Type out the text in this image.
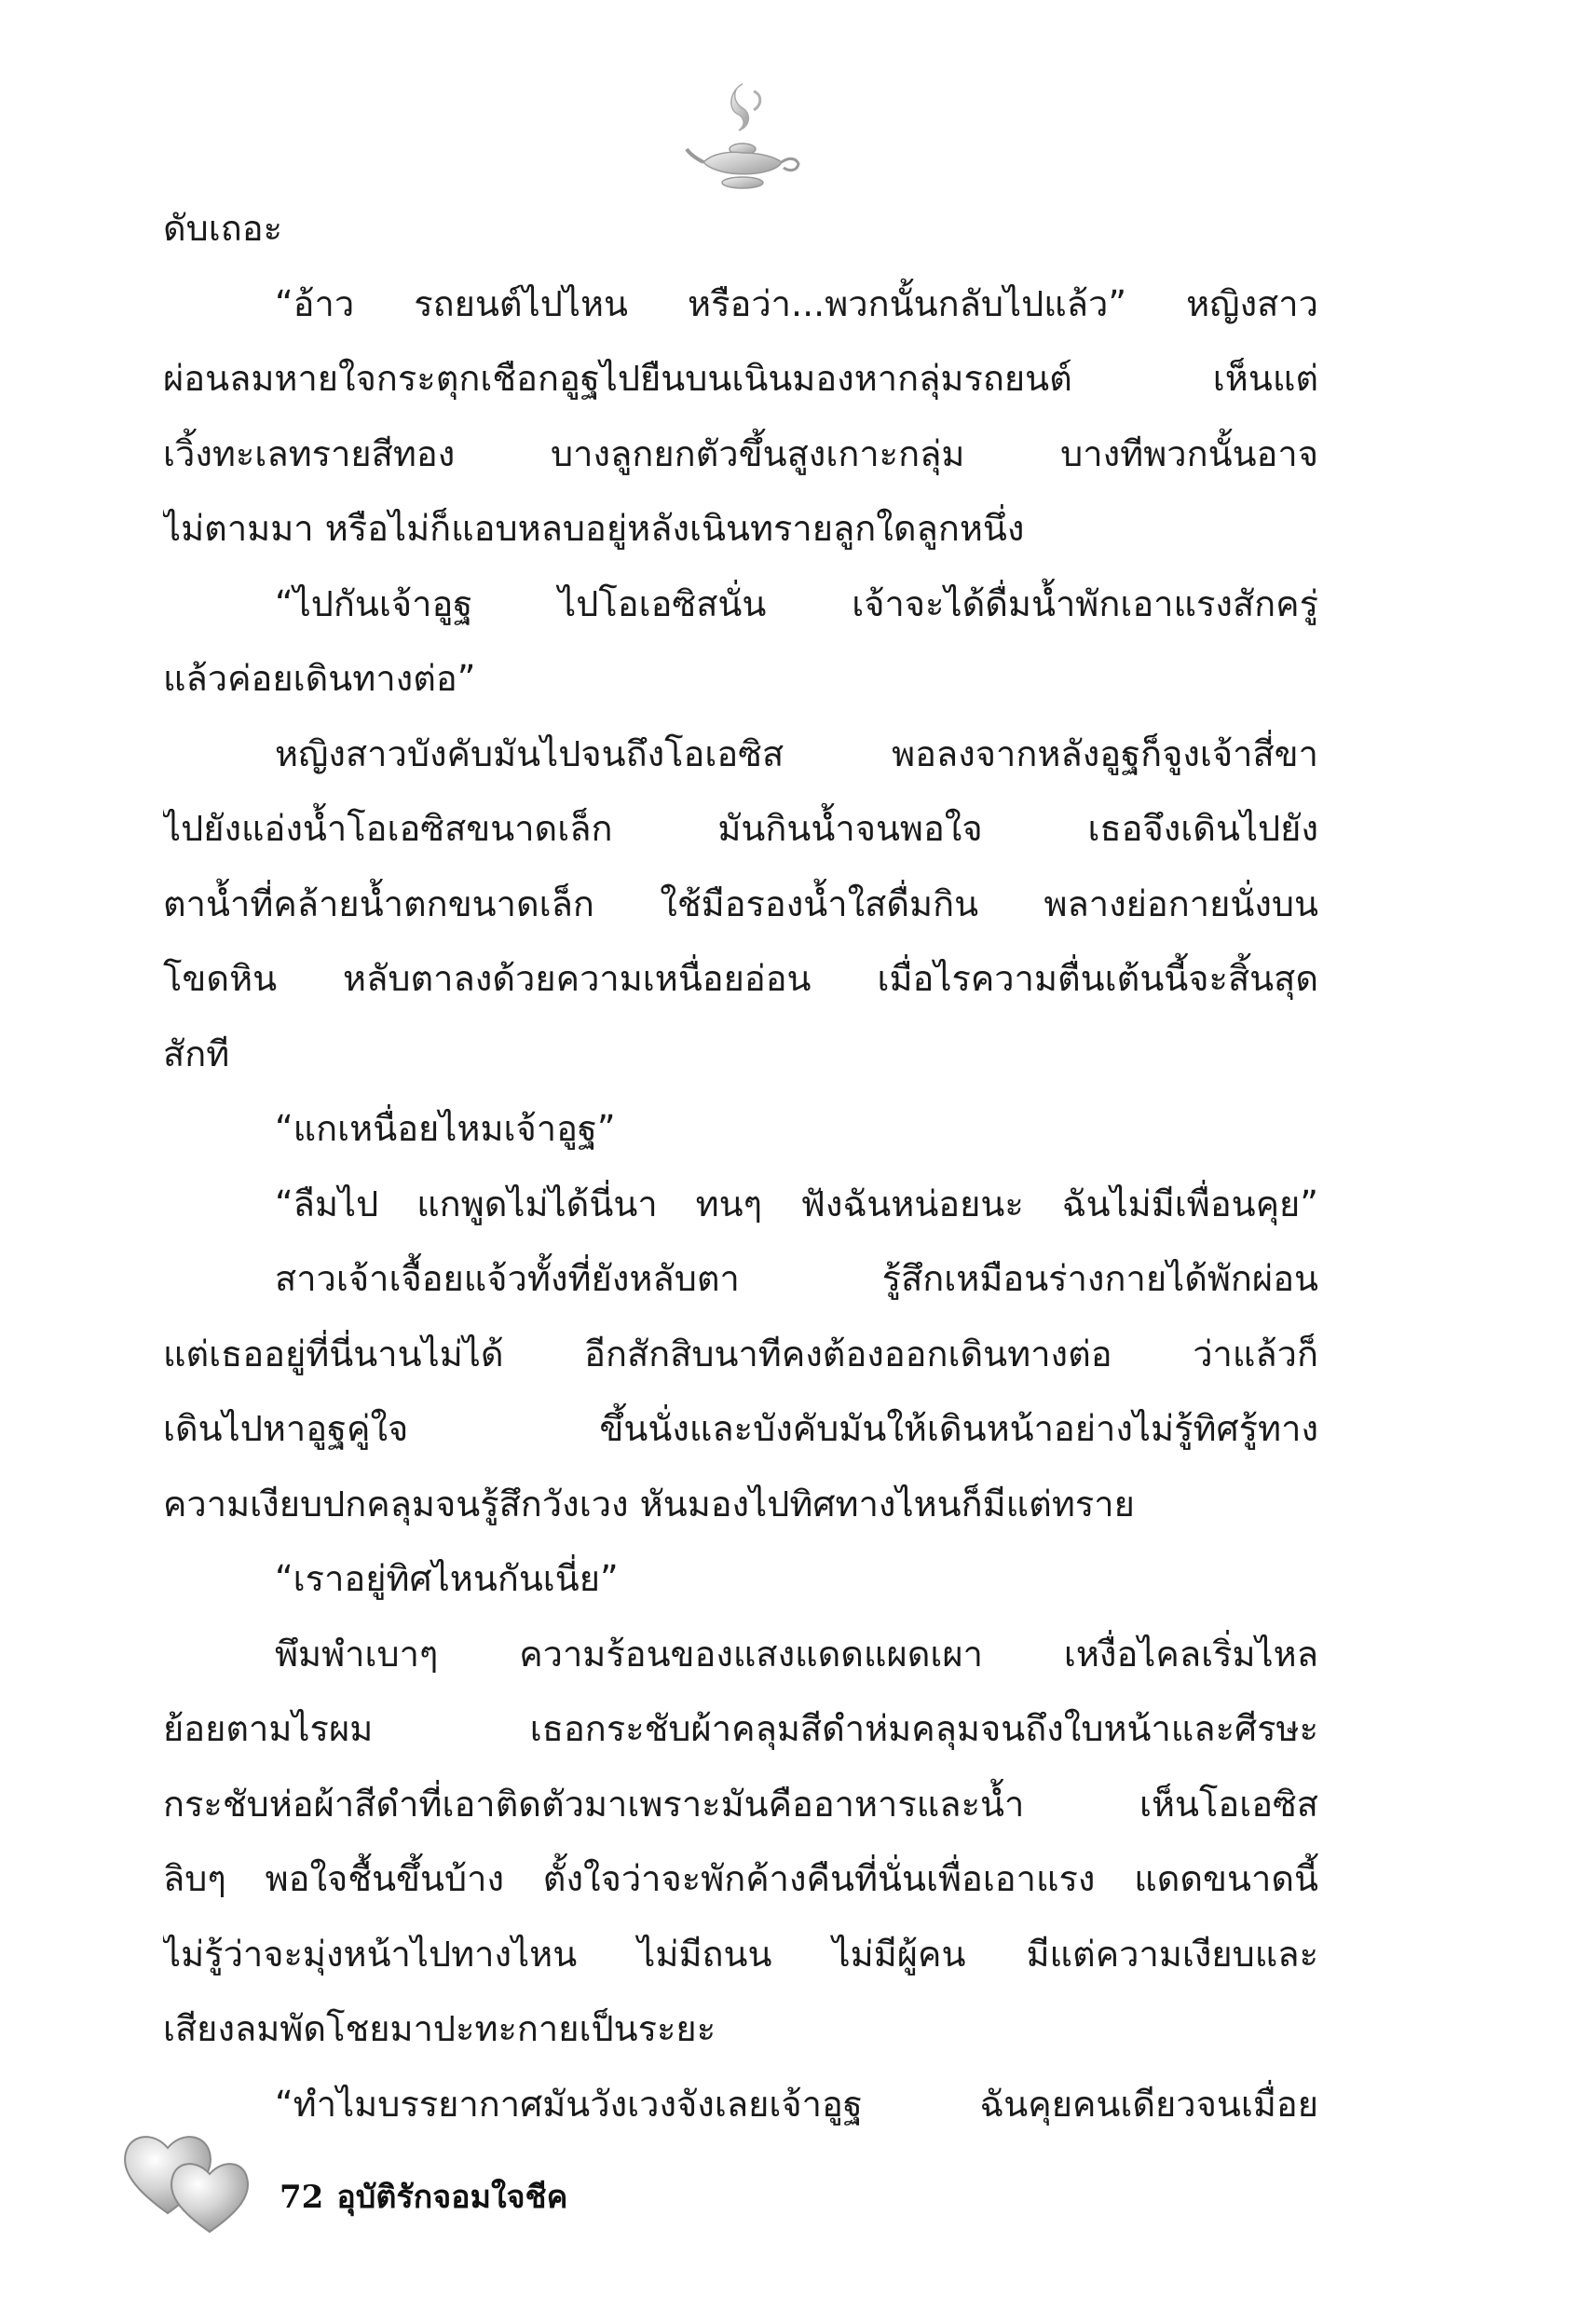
ดับเถอะ
“อ้าว รถยนต์ไปไหน หรือว่า...พวกนั้นกลับไปแล้ว” หญิงสาว
ผ่อนลมหายใจกระตุกเชือกอูฐไปยืนบนเนินมองหากลุ่มรถยนต์ เห็นแต่
เวิ้งทะเลทรายสีทอง บางลูกยกตัวขึ้นสูงเกาะกลุ่ม บางทีพวกนั้นอาจ
ไม่ตามมา หรือไม่ก็แอบหลบอยู่หลังเนินทรายลูกใดลูกหนึ่ง
“ไปกันเจ้าอูฐ ไปโอเอซิสนั่น เจ้าจะได้ดื่มน้ำพักเอาแรงสักครู่
แล้วค่อยเดินทางต่อ”
หญิงสาวบังคับมันไปจนถึงโอเอซิส พอลงจากหลังอูฐก็จูงเจ้าสี่ขา
ไปยังแอ่งน้ำโอเอซิสขนาดเล็ก มันกินน้ำจนพอใจ เธอจึงเดินไปยัง
ตาน้ำที่คล้ายน้ำตกขนาดเล็ก ใช้มือรองน้ำใสดื่มกิน พลางย่อกายนั่งบน
โขดหิน หลับตาลงด้วยความเหนื่อยอ่อน เมื่อไรความตื่นเต้นนี้จะสิ้นสุด
สักที
“แกเหนื่อยไหมเจ้าอูฐ”
“ลืมไป แกพูดไม่ได้นี่นา ทนๆ ฟังฉันหน่อยนะ ฉันไม่มีเพื่อนคุย”
สาวเจ้าเจื้อยแจ้วทั้งที่ยังหลับตา รู้สึกเหมือนร่างกายได้พักผ่อน
แต่เธออยู่ที่นี่นานไม่ได้ อีกสักสิบนาทีคงต้องออกเดินทางต่อ ว่าแล้วก็
เดินไปหาอูฐคู่ใจ ขึ้นนั่งและบังคับมันให้เดินหน้าอย่างไม่รู้ทิศรู้ทาง
ความเงียบปกคลุมจนรู้สึกวังเวง หันมองไปทิศทางไหนก็มีแต่ทราย
“เราอยู่ทิศไหนกันเนี่ย”
พึมพำเบาๆ ความร้อนของแสงแดดแผดเผา เหงื่อไคลเริ่มไหล
ย้อยตามไรผม เธอกระชับผ้าคลุมสีดำห่มคลุมจนถึงใบหน้าและศีรษะ
กระชับห่อผ้าสีดำที่เอาติดตัวมาเพราะมันคืออาหารและน้ำ เห็นโอเอซิส
ลิบๆ พอใจชื้นขึ้นบ้าง ตั้งใจว่าจะพักค้างคืนที่นั่นเพื่อเอาแรง แดดขนาดนี้
ไม่รู้ว่าจะมุ่งหน้าไปทางไหน ไม่มีถนน ไม่มีผู้คน มีแต่ความเงียบและ
เสียงลมพัดโชยมาปะทะกายเป็นระยะ
“ทำไมบรรยากาศมันวังเวงจังเลยเจ้าอูฐ ฉันคุยคนเดียวจนเมื่อย
72 อุบัติรักจอมใจชีค
